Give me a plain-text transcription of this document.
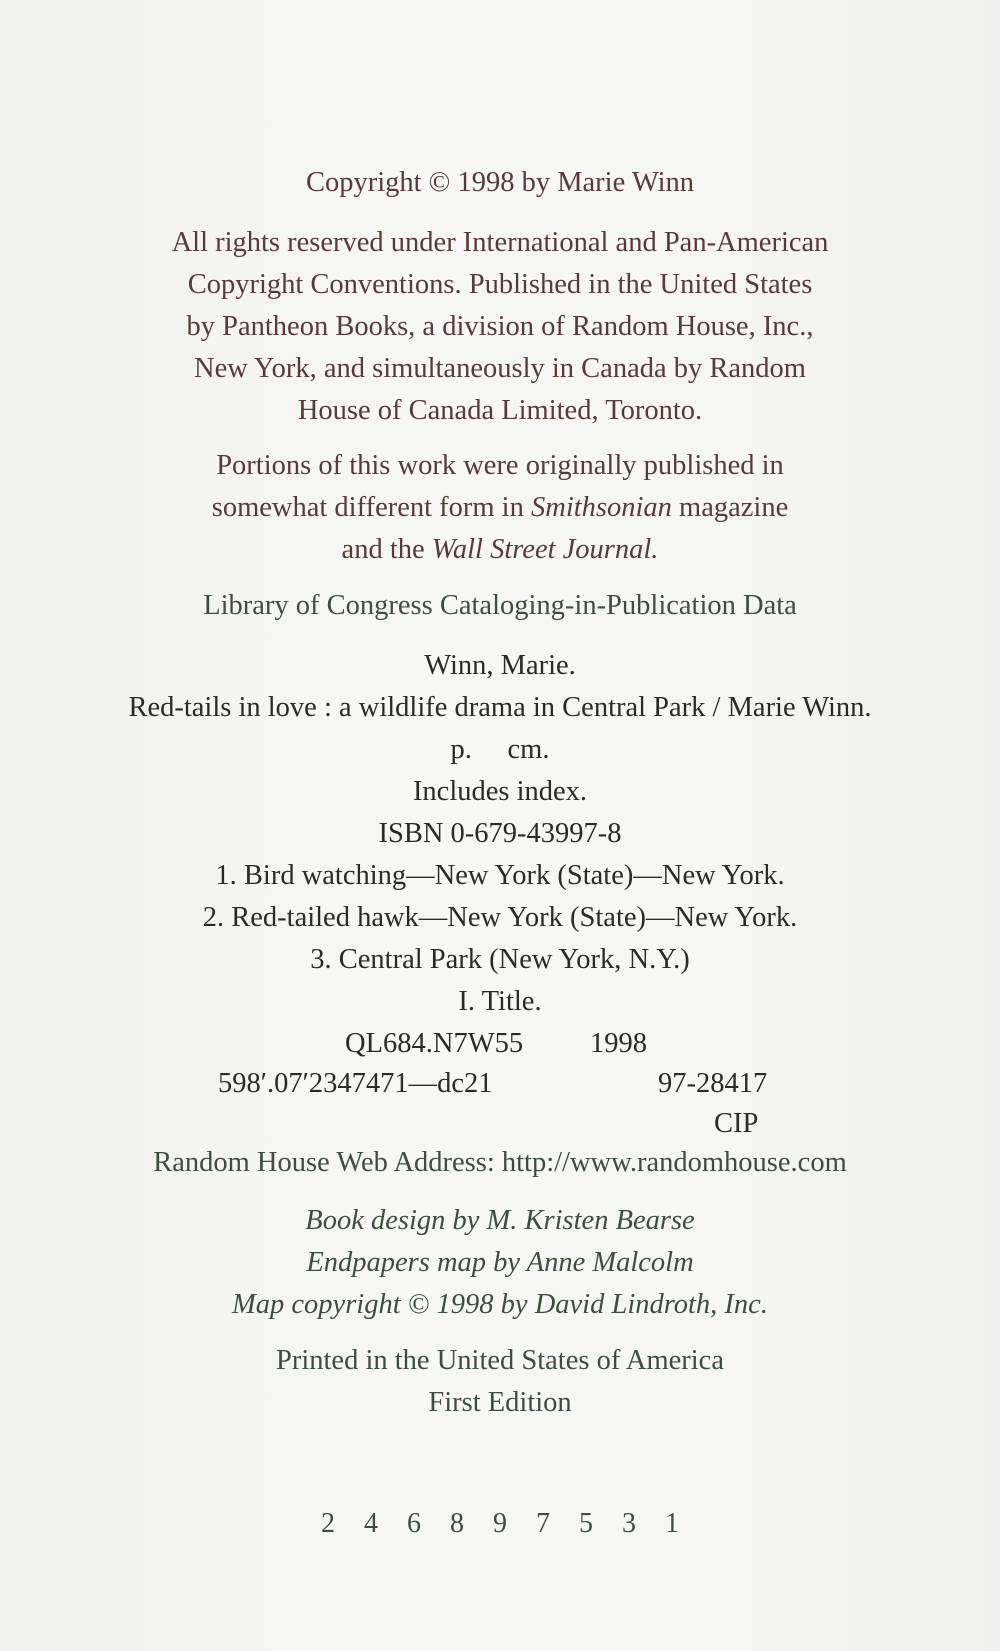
Copyright © 1998 by Marie Winn
All rights reserved under International and Pan-American
Copyright Conventions. Published in the United States
by Pantheon Books, a division of Random House, Inc.,
New York, and simultaneously in Canada by Random
House of Canada Limited, Toronto.
Portions of this work were originally published in
somewhat different form in Smithsonian magazine
and the Wall Street Journal.
Library of Congress Cataloging-in-Publication Data
Winn, Marie.
Red-tails in love : a wildlife drama in Central Park / Marie Winn.
p.     cm.
Includes index.
ISBN 0-679-43997-8
1. Bird watching—New York (State)—New York.
2. Red-tailed hawk—New York (State)—New York.
3. Central Park (New York, N.Y.)
I. Title.
QL684.N7W55 1998
598′.07′2347471—dc21	97-28417
CIP
Random House Web Address: http://www.randomhouse.com
Book design by M. Kristen Bearse
Endpapers map by Anne Malcolm
Map copyright © 1998 by David Lindroth, Inc.
Printed in the United States of America
First Edition
2 4 6 8 9 7 5 3 1
